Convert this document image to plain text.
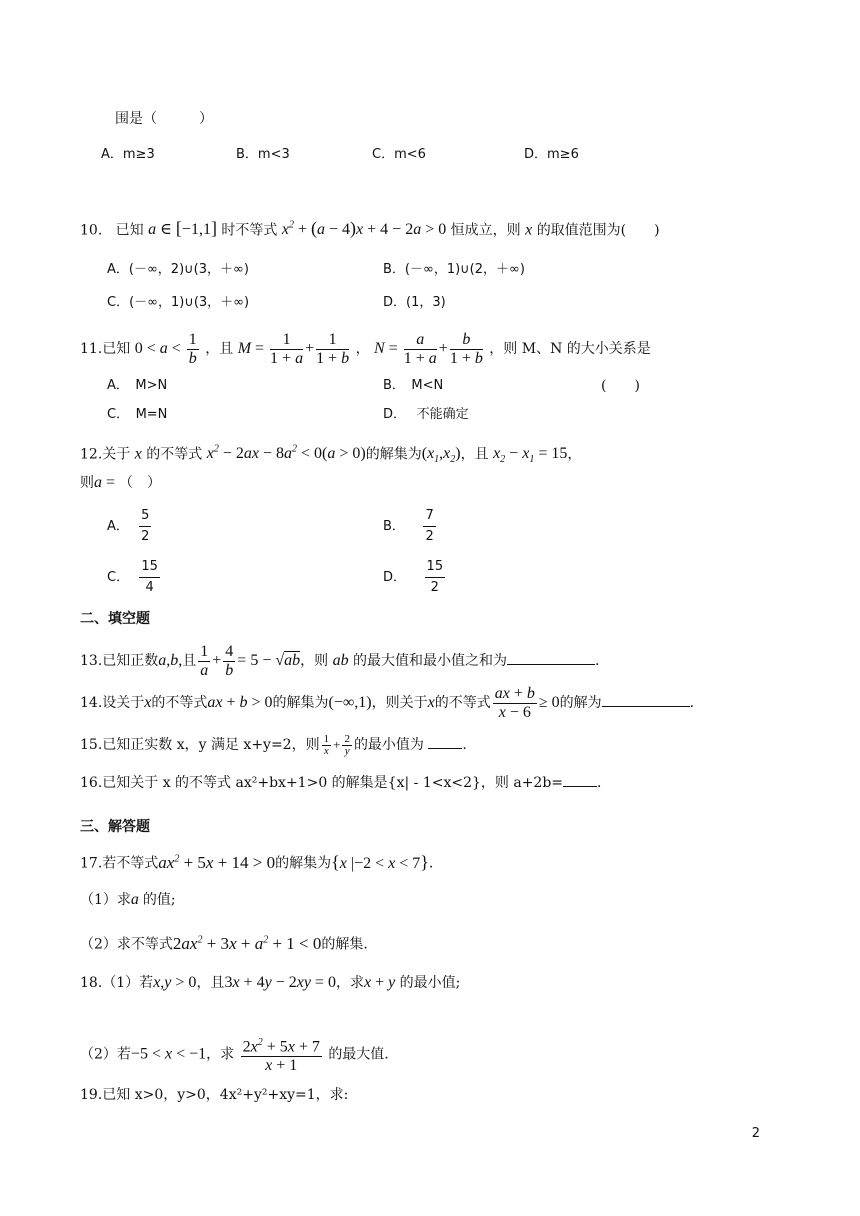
围是（　　　）
A．m≥3	B．m<3	C．m<6	D．m≥6
10. 已知 a ∈ [−1,1] 时不等式 $x^2 + (a - 4)x + 4 - 2a > 0$ 恒成立，则 x 的取值范围为(　　)
A．(－∞，2)∪(3，＋∞)	B．(－∞，1)∪(2，＋∞)
C．(－∞，1)∪(3，＋∞)	D．(1，3)
11.已知 $0 < a < \frac{1}{b}$ ，且 $M = \frac{1}{1 + a} + \frac{1}{1 + b}$ ， $N = \frac{a}{1 + a} + \frac{b}{1 + b}$ ，则 M、N 的大小关系是
A．　M>N	B．　M<N	(　　)
C．　M=N	D．　 不能确定
12.关于 x 的不等式 $x^2 - 2ax - 8a^2 < 0(a > 0)$的解集为$(x_1,x_2)$，且 $x_2 - x_1 = 15$，
则a = （　）
A． $\frac{5}{2}$	B． $\frac{7}{2}$
C． $\frac{15}{4}$	D． $\frac{15}{2}$
二、填空题
13.已知正数a,b,且 $\frac{1}{a} + \frac{4}{b} = 5 - √ab$，则 ab 的最大值和最小值之和为	.
14.设关于x的不等式ax + b > 0的解集为(−∞,1)，则关于x的不等式 $\frac{ax + b}{x - 6} \ge 0$的解为	.
15.已知正实数 x，y 满足 x+y=2，则 $\frac{1}{x} + \frac{2}{y}$ 的最小值为	.
16.已知关于 x 的不等式 ax²+bx+1>0 的解集是{x| - 1<x<2}，则 a+2b= .
三、解答题
17.若不等式$ax^2 + 5x + 14 > 0$的解集为{x |−2 < x < 7}.
（1）求a 的值;
（2）求不等式$2ax^2 + 3x + a^2 + 1 < 0$的解集.
18.（1）若x,y > 0，且3x + 4y − 2xy = 0，求x + y 的最小值;
（2）若−5 < x < −1，求 $\frac{2x^2 + 5x + 7}{x + 1}$ 的最大值.
19.已知 x>0，y>0，4x²+y²+xy=1，求:
2
